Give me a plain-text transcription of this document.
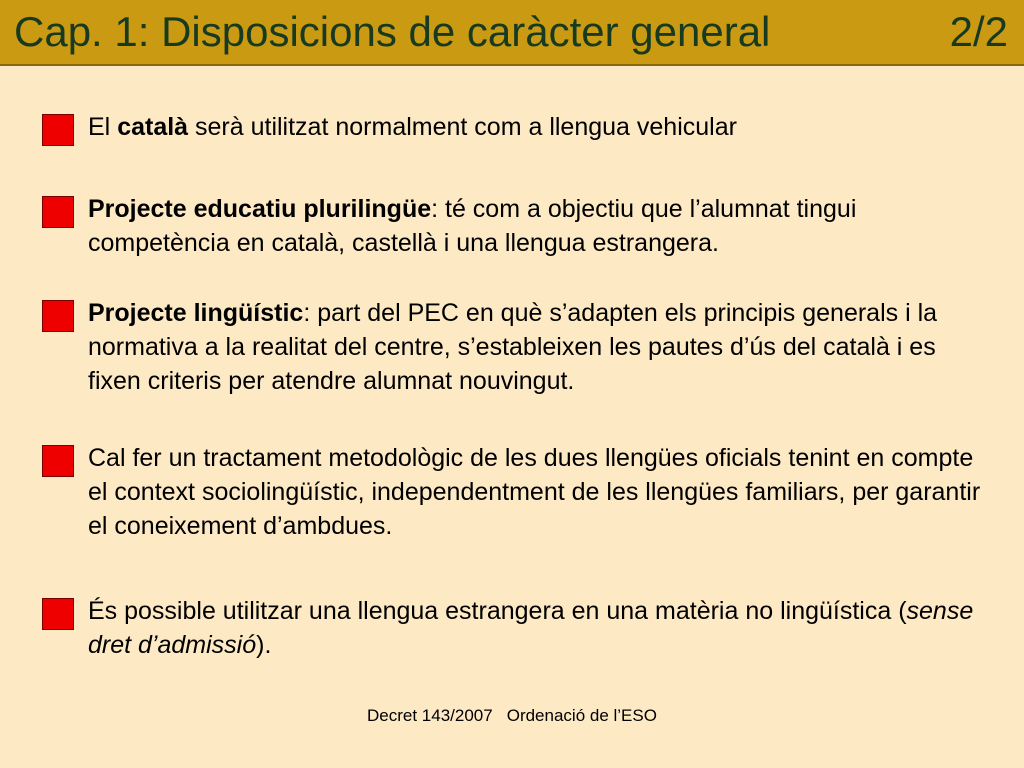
Cap. 1: Disposicions de caràcter general	2/2
El català serà utilitzat normalment com a llengua vehicular
Projecte educatiu plurilingüe: té com a objectiu que l’alumnat tingui competència en català, castellà i una llengua estrangera.
Projecte lingüístic: part del PEC en què s’adapten els principis generals i la normativa a la realitat del centre, s’estableixen les pautes d’ús del català i es fixen criteris per atendre alumnat nouvingut.
Cal fer un tractament metodològic de les dues llengües oficials tenint en compte el context sociolingüístic, independentment de les llengües familiars, per garantir el coneixement d’ambdues.
És possible utilitzar una llengua estrangera en una matèria no lingüística (sense dret d’admissió).
Decret 143/2007 Ordenació de l’ESO
